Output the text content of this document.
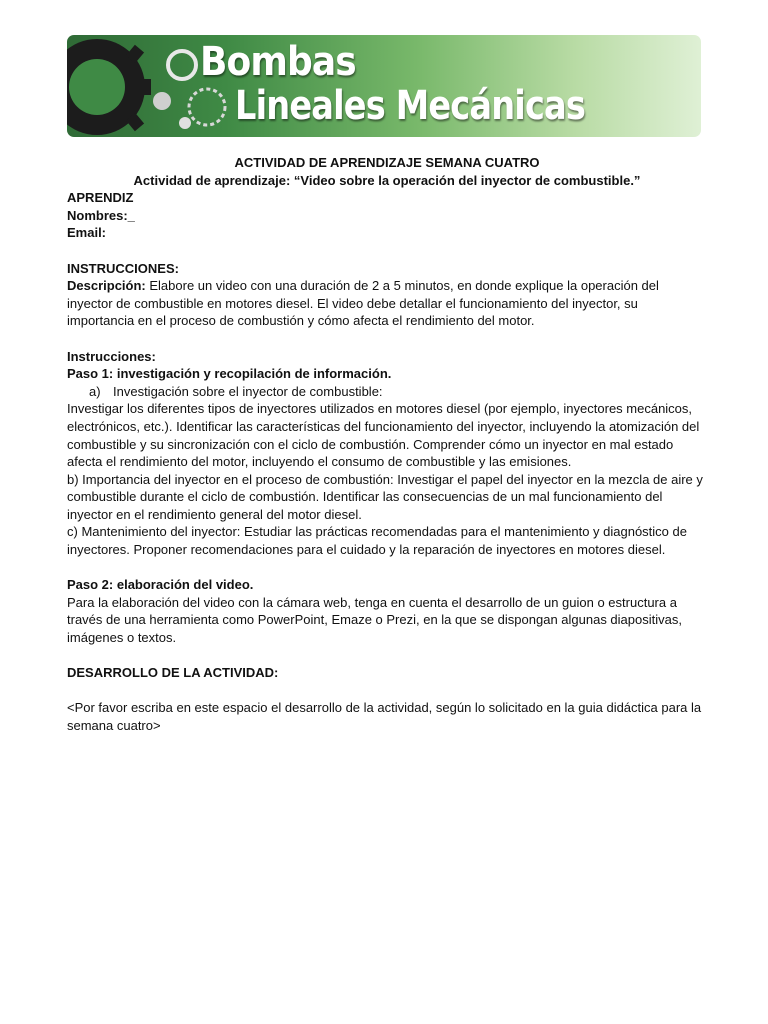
Bombas
Lineales Mecánicas

ACTIVIDAD DE APRENDIZAJE SEMANA CUATRO

Actividad de aprendizaje: “Video sobre la operación del inyector de combustible.”

APRENDIZ

Nombres:_

Email:

INSTRUCCIONES:

Descripción: Elabore un video con una duración de 2 a 5 minutos, en donde explique la operación del inyector de combustible en motores diesel. El video debe detallar el funcionamiento del inyector, su importancia en el proceso de combustión y cómo afecta el rendimiento del motor.

Instrucciones:

Paso 1: investigación y recopilación de información.

a) Investigación sobre el inyector de combustible:

Investigar los diferentes tipos de inyectores utilizados en motores diesel (por ejemplo, inyectores mecánicos, electrónicos, etc.). Identificar las características del funcionamiento del inyector, incluyendo la atomización del combustible y su sincronización con el ciclo de combustión. Comprender cómo un inyector en mal estado afecta el rendimiento del motor, incluyendo el consumo de combustible y las emisiones.

b) Importancia del inyector en el proceso de combustión: Investigar el papel del inyector en la mezcla de aire y combustible durante el ciclo de combustión. Identificar las consecuencias de un mal funcionamiento del inyector en el rendimiento general del motor diesel.

c) Mantenimiento del inyector: Estudiar las prácticas recomendadas para el mantenimiento y diagnóstico de inyectores. Proponer recomendaciones para el cuidado y la reparación de inyectores en motores diesel.

Paso 2: elaboración del video.

Para la elaboración del video con la cámara web, tenga en cuenta el desarrollo de un guion o estructura a través de una herramienta como PowerPoint, Emaze o Prezi, en la que se dispongan algunas diapositivas, imágenes o textos.

DESARROLLO DE LA ACTIVIDAD:

<Por favor escriba en este espacio el desarrollo de la actividad, según lo solicitado en la guia didáctica para la semana cuatro>
